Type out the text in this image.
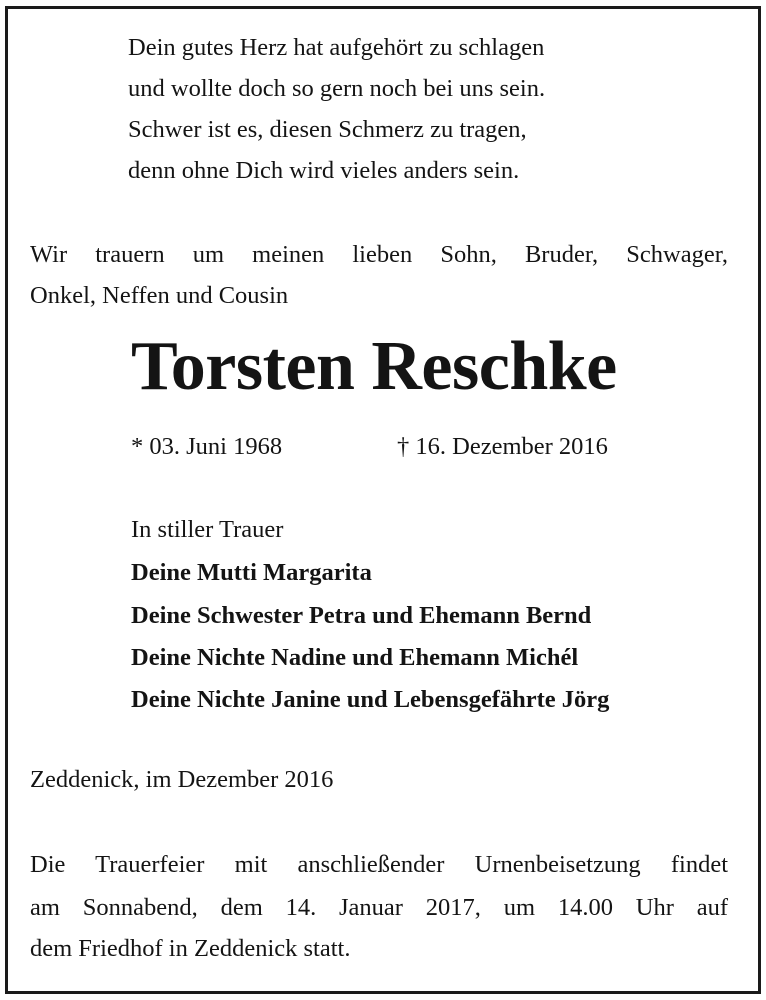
Dein gutes Herz hat aufgehört zu schlagen
und wollte doch so gern noch bei uns sein.
Schwer ist es, diesen Schmerz zu tragen,
denn ohne Dich wird vieles anders sein.
Wir trauern um meinen lieben Sohn, Bruder, Schwager,
Onkel, Neffen und Cousin
Torsten Reschke
* 03. Juni 1968	† 16. Dezember 2016
In stiller Trauer
Deine Mutti Margarita
Deine Schwester Petra und Ehemann Bernd
Deine Nichte Nadine und Ehemann Michél
Deine Nichte Janine und Lebensgefährte Jörg
Zeddenick, im Dezember 2016
Die Trauerfeier mit anschließender Urnenbeisetzung findet
am Sonnabend, dem 14. Januar 2017, um 14.00 Uhr auf
dem Friedhof in Zeddenick statt.
